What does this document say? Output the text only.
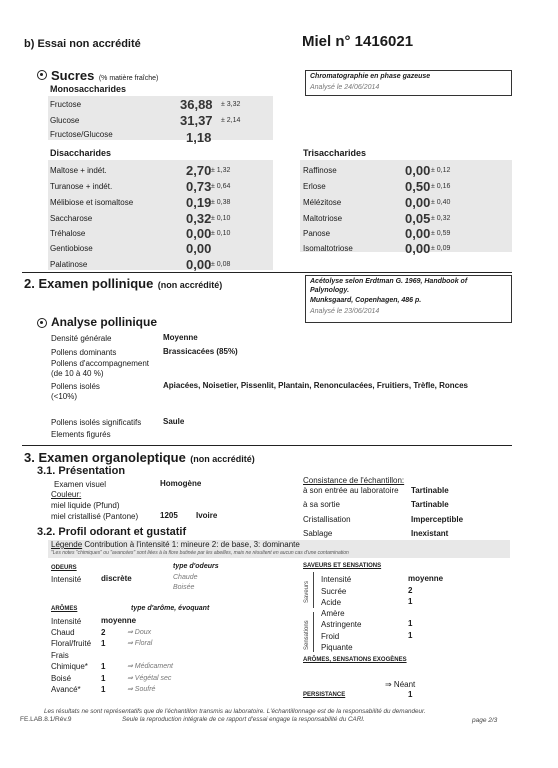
b) Essai non accrédité	Miel n° 1416021
Sucres (% matière fraîche)	Chromatographie en phase gazeuse
Analysé le 24/06/2014
Monosaccharides
Fructose	36,88 ± 3,32
Glucose	31,37 ± 2,14
Fructose/Glucose	1,18
Disaccharides	Trisaccharides
Maltose + indét.	2,70 ± 1,32
Turanose + indét.	0,73 ± 0,64
Mélibiose et isomaltose	0,19 ± 0,38
Saccharose	0,32 ± 0,10
Tréhalose	0,00 ± 0,10
Gentiobiose	0,00
Palatinose	0,00 ± 0,08
Raffinose	0,00 ± 0,12
Erlose	0,50 ± 0,16
Mélézitose	0,00 ± 0,40
Maltotriose	0,05 ± 0,32
Panose	0,00 ± 0,59
Isomaltotriose	0,00 ± 0,09
2. Examen pollinique (non accrédité)	Acétolyse selon Erdtman G. 1969, Handbook of
Palynology.
Munksgaard, Copenhagen, 486 p.
Analysé le 23/06/2014
Analyse pollinique
Densité générale	Moyenne
Pollens dominants	Brassicacées (85%)
Pollens d'accompagnement
(de 10 à 40 %)
Pollens isolés
(<10%)
Apiacées, Noisetier, Pissenlit, Plantain, Renonculacées, Fruitiers, Trèfle, Ronces
Pollens isolés significatifs	Saule
Elements figurés
3. Examen organoleptique (non accrédité)
3.1. Présentation
Examen visuel	Homogène
Couleur:
miel liquide (Pfund)
miel cristallisé (Pantone)	1205 Ivoire
Consistance de l'échantillon:
à son entrée au laboratoire Tartinable
à sa sortie	Tartinable
Cristallisation	Imperceptible
Sablage	Inexistant
3.2. Profil odorant et gustatif
Légende Contribution à l'intensité 1: mineure 2: de base, 3: dominante
"Les notes "chimiques" ou "avancées" sont liées à la flore butinée par les abeilles, mais ne résultent en aucun cas d'une contamination
ODEURS	type d'odeurs
Intensité discrète	Chaude
Boisée
ARÔMES	type d'arôme, évoquant
Intensité moyenne
Chaud	2	⇒ Doux
Floral/fruité 1	⇒ Floral
Frais
Chimique* 1	⇒ Médicament
Boisé	1	⇒ Végétal sec
Avancé*	1	⇒ Soufré
SAVEURS ET SENSATIONS
Saveurs
Sensations
Intensité	moyenne
Sucrée	2
Acide	1
Amère
Astringente	1
Froid	1
Piquante
ARÔMES, SENSATIONS EXOGÈNES
⇒ Néant
PERSISTANCE	1
Les résultats ne sont représentatifs que de l'échantillon transmis au laboratoire. L'échantillonnage est de la responsabilité du demandeur.
FE.LAB.8.1/Rév.9	Seule la reproduction intégrale de ce rapport d'essai engage la responsabilité du CARI.	page 2/3
